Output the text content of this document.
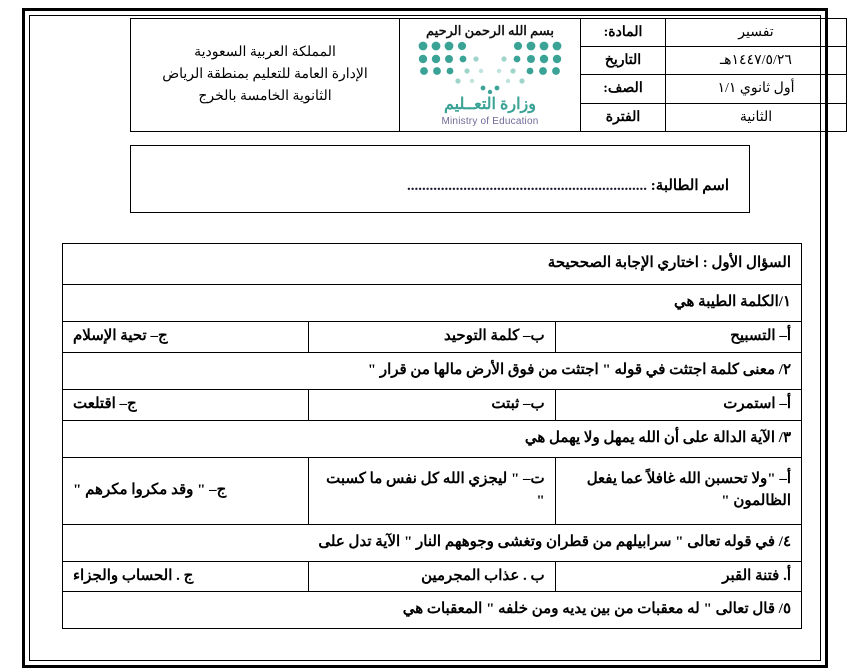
تفسير	المادة:	
بسم الله الرحمن الرحيم
وزارة التعــليم
Ministry of Education

المملكة العربية السعودية
الإدارة العامة للتعليم بمنطقة الرياض
الثانوية الخامسة بالخرج

١٤٤٧/٥/٢٦هـ	التاريخ		
أول ثانوي ١/١	الصف:		
الثانية	الفترة		
اسم الطالبة: ................................................................
السؤال الأول : اختاري الإجابة الصححيحة		
١/الكلمة الطيبة هي		
أ‌– التسبيح	ب– كلمة التوحيد	ج– تحية الإسلام
٢/ معنى كلمة اجتثت في قوله " اجتثت من فوق الأرض مالها من قرار "		
أ‌– استمرت	ب– ثبتت	ج– اقتلعت
٣/ الآية الدالة على أن الله يمهل ولا يهمل هي		
أ‌– "ولا تحسبن الله غافلاً عما يفعل الظالمون "	ت– " ليجزي الله كل نفس ما كسبت "	ج– " وقد مكروا مكرهم "
٤/ في قوله تعالى " سرابيلهم من قطران وتغشى وجوههم النار " الآية تدل على		
أ. فتنة القبر	ب . عذاب المجرمين	ج . الحساب والجزاء
٥/ قال تعالى " له معقبات من بين يديه ومن خلفه " المعقبات هي		
